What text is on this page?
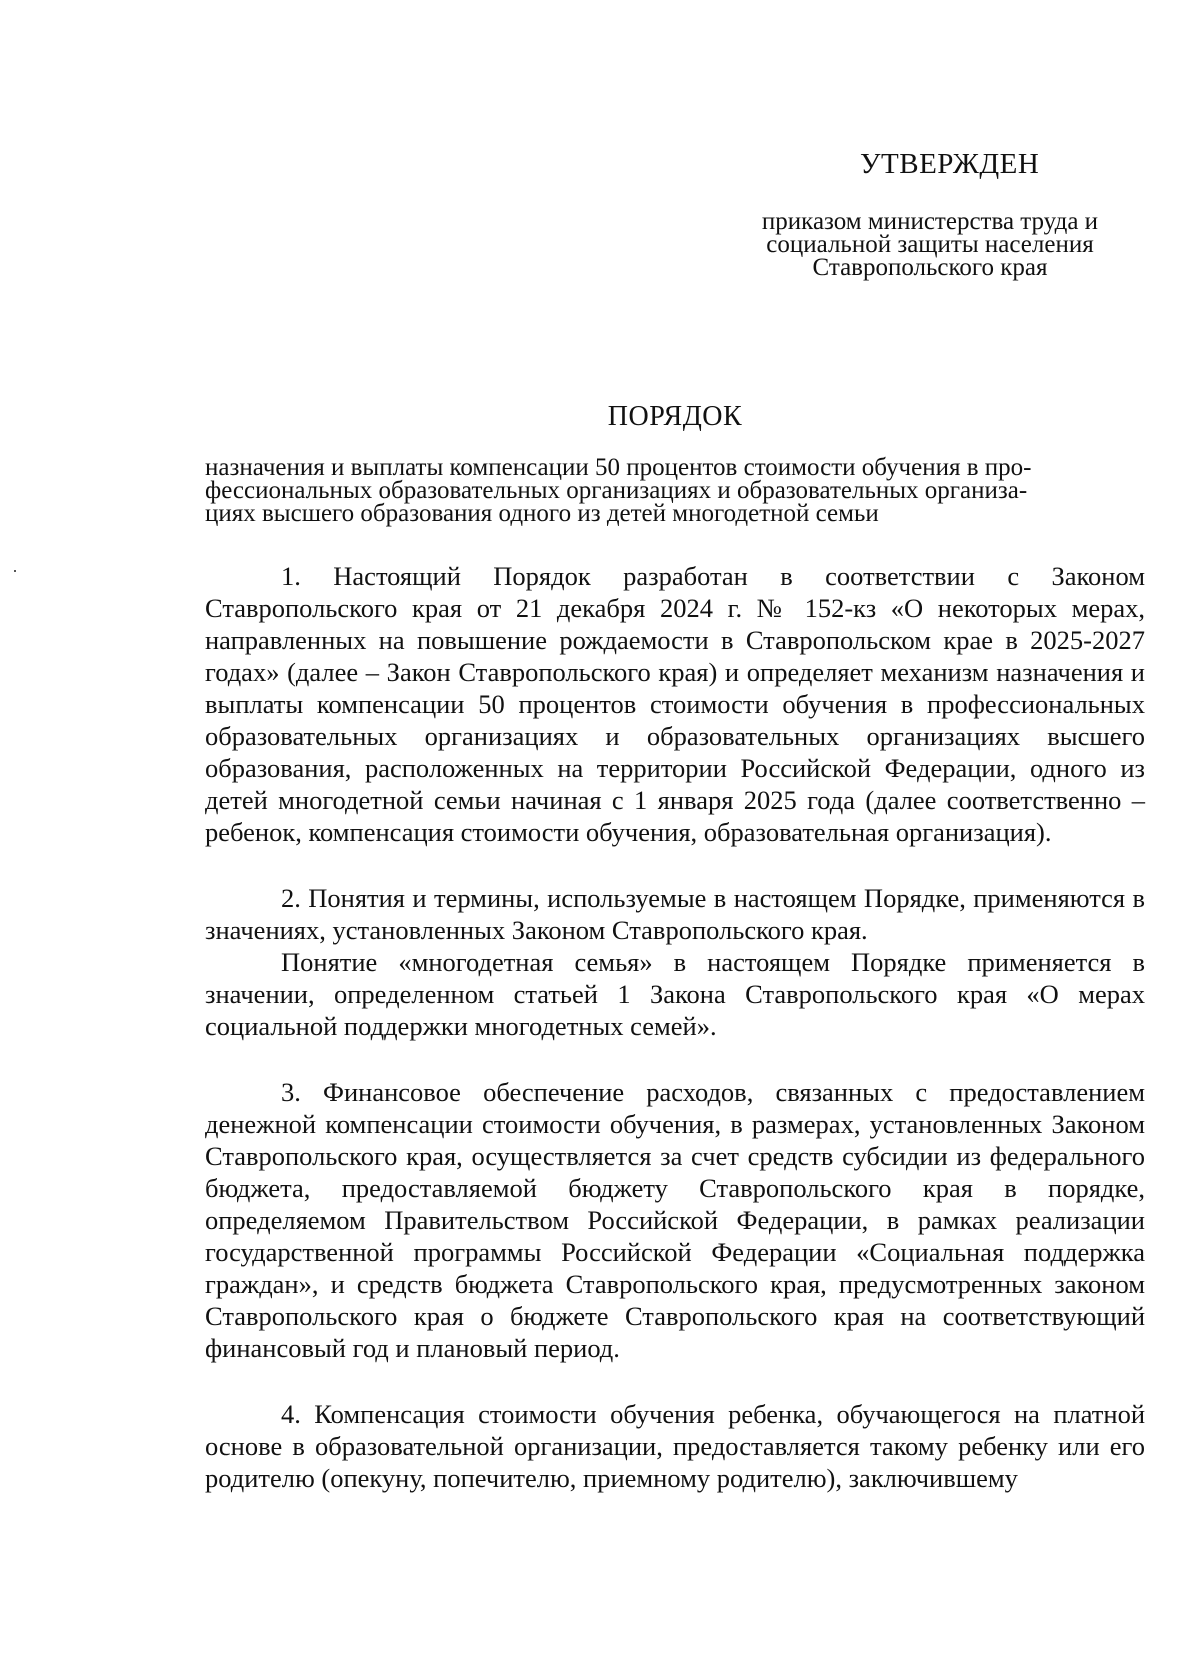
УТВЕРЖДЕН
приказом министерства труда и
социальной защиты населения
Ставропольского края
ПОРЯДОК
назначения и выплаты компенсации 50 процентов стоимости обучения в про-
фессиональных образовательных организациях и образовательных организа-
циях высшего образования одного из детей многодетной семьи

1. Настоящий Порядок разработан в соответствии с Законом Ставропольского края от 21 декабря 2024 г. № 152-кз «О некоторых мерах, направленных на повышение рождаемости в Ставропольском крае в 2025-2027 годах» (далее – Закон Ставропольского края) и определяет механизм назначения и выплаты компенсации 50 процентов стоимости обучения в профессиональных образовательных организациях и образовательных организациях высшего образования, расположенных на территории Российской Федерации, одного из детей многодетной семьи начиная с 1 января 2025 года (далее соответственно – ребенок, компенсация стоимости обучения, образовательная организация).

2. Понятия и термины, используемые в настоящем Порядке, применяются в значениях, установленных Законом Ставропольского края.

Понятие «многодетная семья» в настоящем Порядке применяется в значении, определенном статьей 1 Закона Ставропольского края «О мерах социальной поддержки многодетных семей».

3. Финансовое обеспечение расходов, связанных с предоставлением денежной компенсации стоимости обучения, в размерах, установленных Законом Ставропольского края, осуществляется за счет средств субсидии из федерального бюджета, предоставляемой бюджету Ставропольского края в порядке, определяемом Правительством Российской Федерации, в рамках реализации государственной программы Российской Федерации «Социальная поддержка граждан», и средств бюджета Ставропольского края, предусмотренных законом Ставропольского края о бюджете Ставропольского края на соответствующий финансовый год и плановый период.

4. Компенсация стоимости обучения ребенка, обучающегося на платной основе в образовательной организации, предоставляется такому ребенку или его родителю (опекуну, попечителю, приемному родителю), заключившему
